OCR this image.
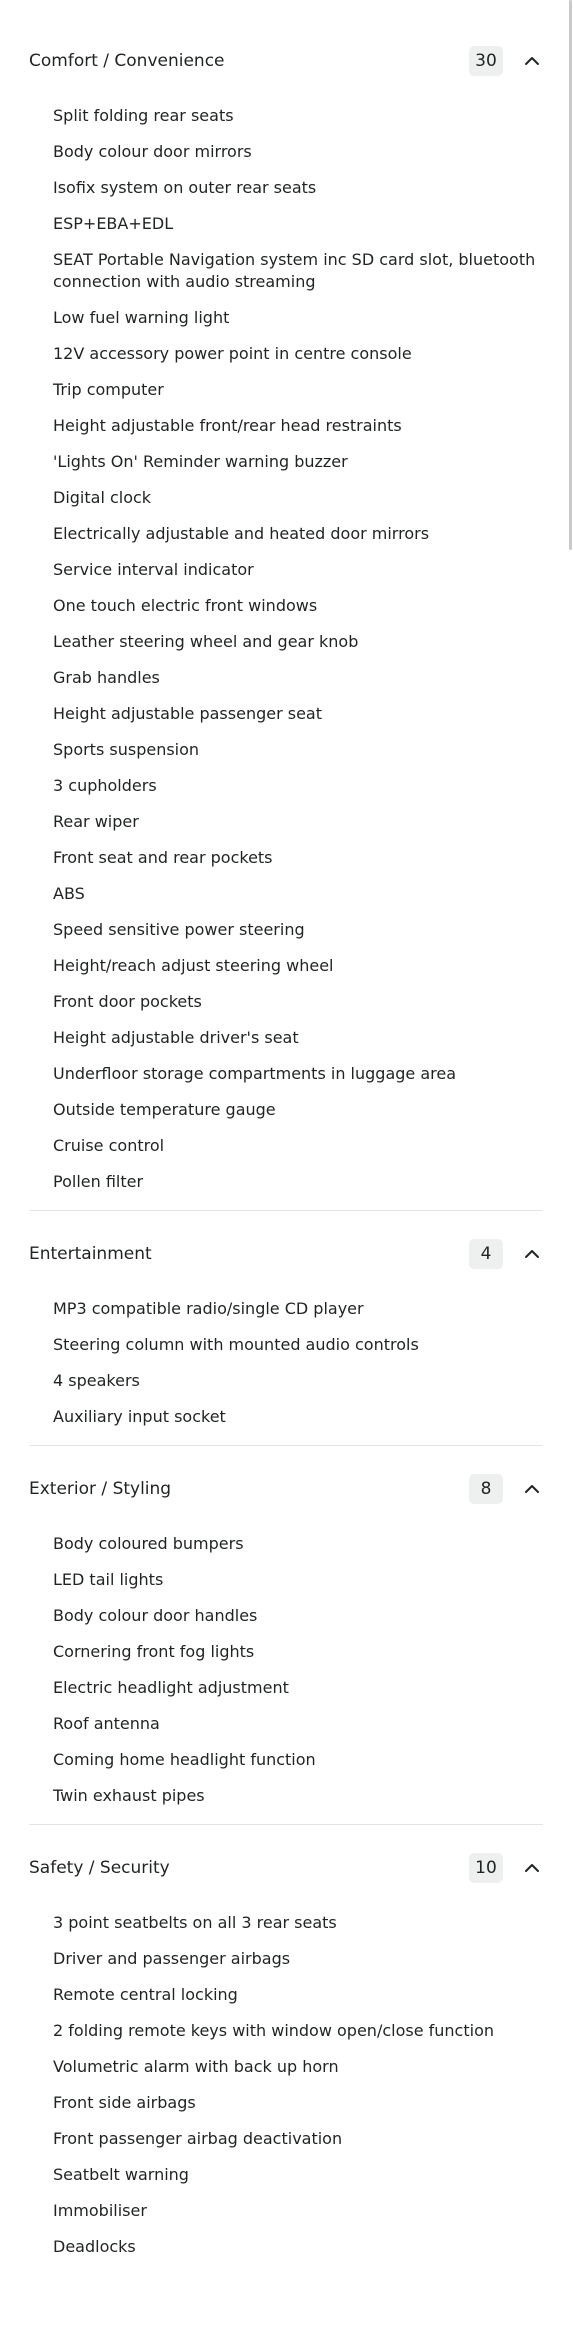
Comfort / Convenience	30
Split folding rear seats
Body colour door mirrors
Isofix system on outer rear seats
ESP+EBA+EDL
SEAT Portable Navigation system inc SD card slot, bluetooth connection with audio streaming
Low fuel warning light
12V accessory power point in centre console
Trip computer
Height adjustable front/rear head restraints
'Lights On' Reminder warning buzzer
Digital clock
Electrically adjustable and heated door mirrors
Service interval indicator
One touch electric front windows
Leather steering wheel and gear knob
Grab handles
Height adjustable passenger seat
Sports suspension
3 cupholders
Rear wiper
Front seat and rear pockets
ABS
Speed sensitive power steering
Height/reach adjust steering wheel
Front door pockets
Height adjustable driver's seat
Underfloor storage compartments in luggage area
Outside temperature gauge
Cruise control
Pollen filter
Entertainment	4
MP3 compatible radio/single CD player
Steering column with mounted audio controls
4 speakers
Auxiliary input socket
Exterior / Styling	8
Body coloured bumpers
LED tail lights
Body colour door handles
Cornering front fog lights
Electric headlight adjustment
Roof antenna
Coming home headlight function
Twin exhaust pipes
Safety / Security	10
3 point seatbelts on all 3 rear seats
Driver and passenger airbags
Remote central locking
2 folding remote keys with window open/close function
Volumetric alarm with back up horn
Front side airbags
Front passenger airbag deactivation
Seatbelt warning
Immobiliser
Deadlocks
